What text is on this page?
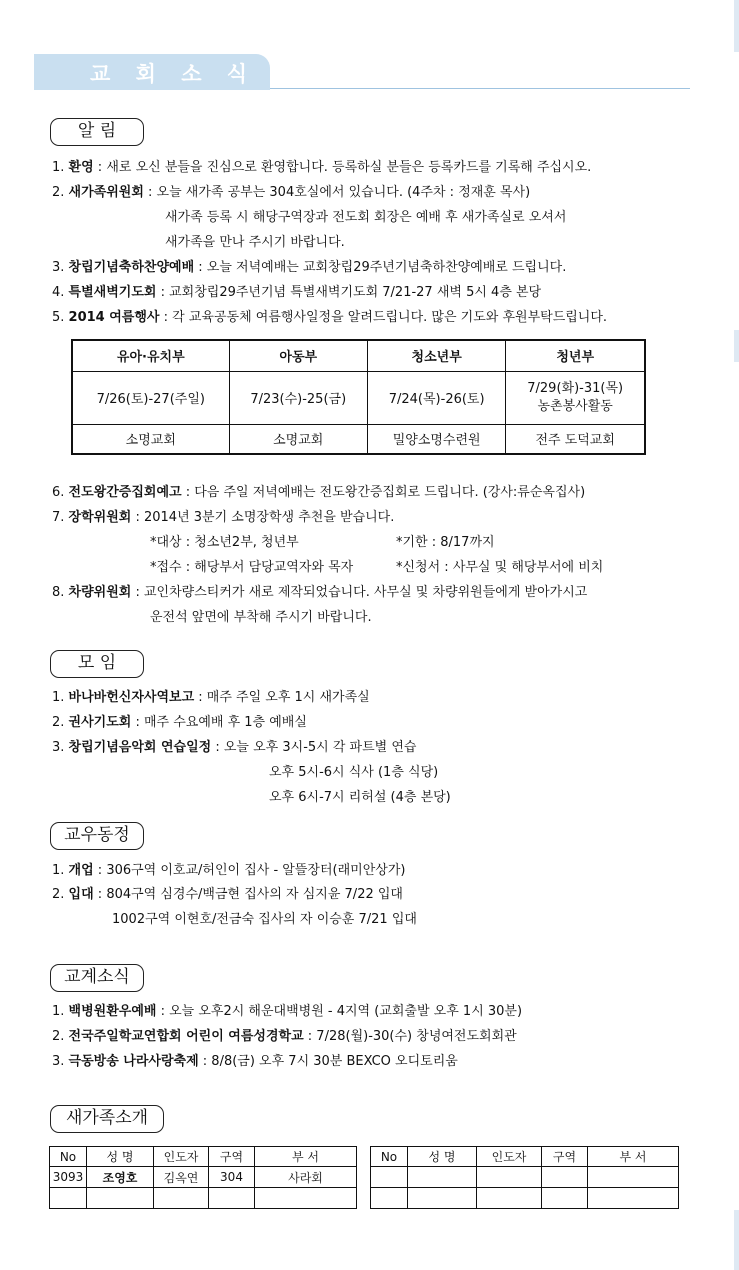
교 회 소 식
알 림
1. 환영 : 새로 오신 분들을 진심으로 환영합니다. 등록하실 분들은 등록카드를 기록해 주십시오.
2. 새가족위원회 : 오늘 새가족 공부는 304호실에서 있습니다. (4주차 : 정재훈 목사)
새가족 등록 시 해당구역장과 전도회 회장은 예배 후 새가족실로 오셔서
새가족을 만나 주시기 바랍니다.
3. 창립기념축하찬양예배 : 오늘 저녁예배는 교회창립29주년기념축하찬양예배로 드립니다.
4. 특별새벽기도회 : 교회창립29주년기념 특별새벽기도회 7/21-27 새벽 5시 4층 본당
5. 2014 여름행사 : 각 교육공동체 여름행사일정을 알려드립니다. 많은 기도와 후원부탁드립니다.
유아·유치부	아동부	청소년부	청년부
7/26(토)-27(주일)	7/23(수)-25(금)	7/24(목)-26(토)	7/29(화)-31(목)
농촌봉사활동
소명교회	소명교회	밀양소명수련원	전주 도덕교회
6. 전도왕간증집회예고 : 다음 주일 저녁예배는 전도왕간증집회로 드립니다. (강사:류순옥집사)
7. 장학위원회 : 2014년 3분기 소명장학생 추천을 받습니다.
*대상 : 청소년2부, 청년부	*기한 : 8/17까지
*접수 : 해당부서 담당교역자와 목자	*신청서 : 사무실 및 해당부서에 비치
8. 차량위원회 : 교인차량스티커가 새로 제작되었습니다. 사무실 및 차량위원들에게 받아가시고
운전석 앞면에 부착해 주시기 바랍니다.
모 임
1. 바나바헌신자사역보고 : 매주 주일 오후 1시 새가족실
2. 권사기도회 : 매주 수요예배 후 1층 예배실
3. 창립기념음악회 연습일정 : 오늘 오후 3시-5시 각 파트별 연습
오후 5시-6시 식사 (1층 식당)
오후 6시-7시 리허설 (4층 본당)
교우동정
1. 개업 : 306구역 이호교/허인이 집사 - 알뜰장터(래미안상가)
2. 입대 : 804구역 심경수/백금현 집사의 자 심지윤 7/22 입대
1002구역 이현호/전금숙 집사의 자 이승훈 7/21 입대
교계소식
1. 백병원환우예배 : 오늘 오후2시 해운대백병원 - 4지역 (교회출발 오후 1시 30분)
2. 전국주일학교연합회 어린이 여름성경학교 : 7/28(월)-30(수) 창녕여전도회회관
3. 극동방송 나라사랑축제 : 8/8(금) 오후 7시 30분 BEXCO 오디토리움
새가족소개
No	성 명	인도자	구역	부 서
3093	조영호	김옥연	304	사라회

No	성 명	인도자	구역	부 서
